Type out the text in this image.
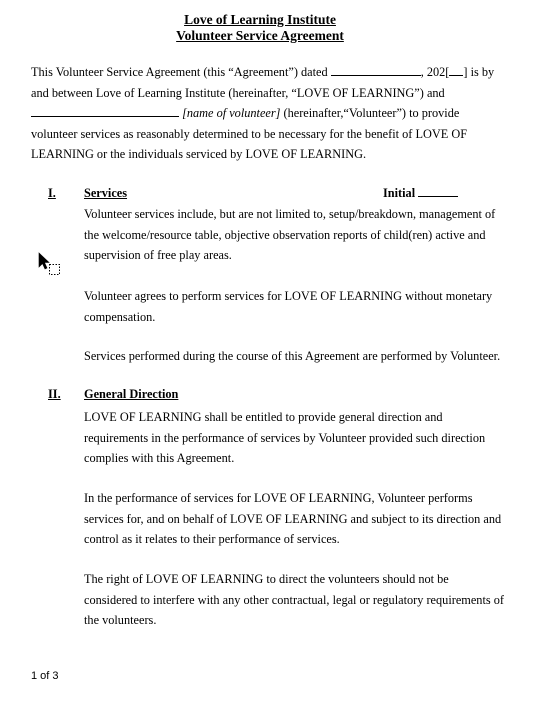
Love of Learning Institute
Volunteer Service Agreement
This Volunteer Service Agreement (this “Agreement”) dated	, 202[ ] is by
and between Love of Learning Institute (hereinafter, “LOVE OF LEARNING”) and
[name of volunteer] (hereinafter,“Volunteer”) to provide
volunteer services as reasonably determined to be necessary for the benefit of LOVE OF
LEARNING or the individuals serviced by LOVE OF LEARNING.
I. Services	Initial
Volunteer services include, but are not limited to, setup/breakdown, management of the welcome/resource table, objective observation reports of child(ren) active and supervision of free play areas.
Volunteer agrees to perform services for LOVE OF LEARNING without monetary compensation.
Services performed during the course of this Agreement are performed by Volunteer.
II. General Direction
LOVE OF LEARNING shall be entitled to provide general direction and requirements in the performance of services by Volunteer provided such direction complies with this Agreement.
In the performance of services for LOVE OF LEARNING, Volunteer performs services for, and on behalf of LOVE OF LEARNING and subject to its direction and control as it relates to their performance of services.
The right of LOVE OF LEARNING to direct the volunteers should not be considered to interfere with any other contractual, legal or regulatory requirements of the volunteers.
1 of 3
